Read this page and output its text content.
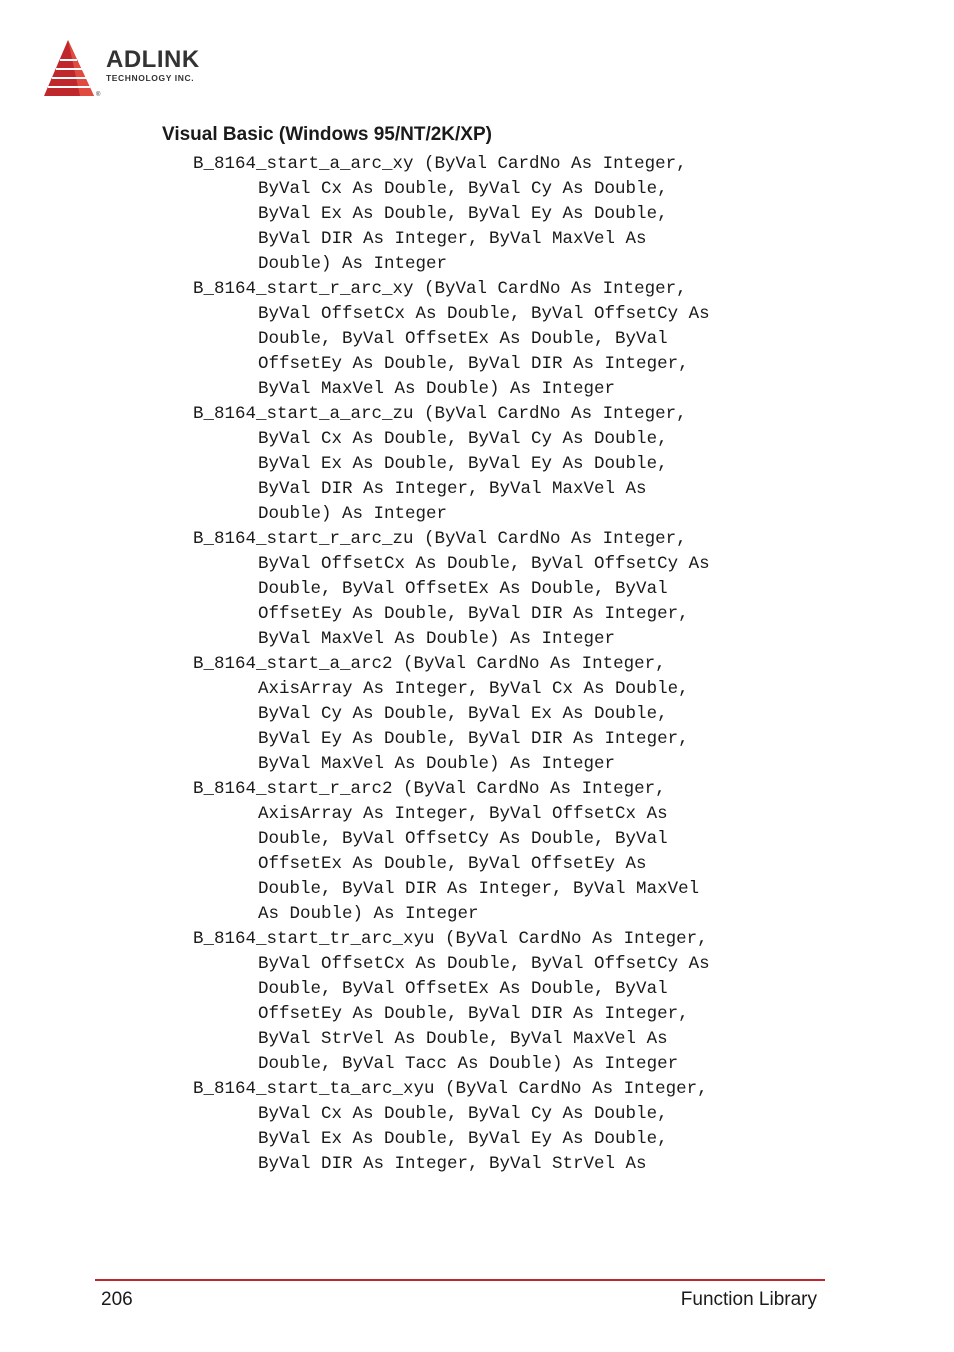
ADLINK
TECHNOLOGY INC.
®
Visual Basic (Windows 95/NT/2K/XP)
B_8164_start_a_arc_xy (ByVal CardNo As Integer,
ByVal Cx As Double, ByVal Cy As Double,
ByVal Ex As Double, ByVal Ey As Double,
ByVal DIR As Integer, ByVal MaxVel As
Double) As Integer
B_8164_start_r_arc_xy (ByVal CardNo As Integer,
ByVal OffsetCx As Double, ByVal OffsetCy As
Double, ByVal OffsetEx As Double, ByVal
OffsetEy As Double, ByVal DIR As Integer,
ByVal MaxVel As Double) As Integer
B_8164_start_a_arc_zu (ByVal CardNo As Integer,
ByVal Cx As Double, ByVal Cy As Double,
ByVal Ex As Double, ByVal Ey As Double,
ByVal DIR As Integer, ByVal MaxVel As
Double) As Integer
B_8164_start_r_arc_zu (ByVal CardNo As Integer,
ByVal OffsetCx As Double, ByVal OffsetCy As
Double, ByVal OffsetEx As Double, ByVal
OffsetEy As Double, ByVal DIR As Integer,
ByVal MaxVel As Double) As Integer
B_8164_start_a_arc2 (ByVal CardNo As Integer,
AxisArray As Integer, ByVal Cx As Double,
ByVal Cy As Double, ByVal Ex As Double,
ByVal Ey As Double, ByVal DIR As Integer,
ByVal MaxVel As Double) As Integer
B_8164_start_r_arc2 (ByVal CardNo As Integer,
AxisArray As Integer, ByVal OffsetCx As
Double, ByVal OffsetCy As Double, ByVal
OffsetEx As Double, ByVal OffsetEy As
Double, ByVal DIR As Integer, ByVal MaxVel
As Double) As Integer
B_8164_start_tr_arc_xyu (ByVal CardNo As Integer,
ByVal OffsetCx As Double, ByVal OffsetCy As
Double, ByVal OffsetEx As Double, ByVal
OffsetEy As Double, ByVal DIR As Integer,
ByVal StrVel As Double, ByVal MaxVel As
Double, ByVal Tacc As Double) As Integer
B_8164_start_ta_arc_xyu (ByVal CardNo As Integer,
ByVal Cx As Double, ByVal Cy As Double,
ByVal Ex As Double, ByVal Ey As Double,
ByVal DIR As Integer, ByVal StrVel As
206	Function Library
